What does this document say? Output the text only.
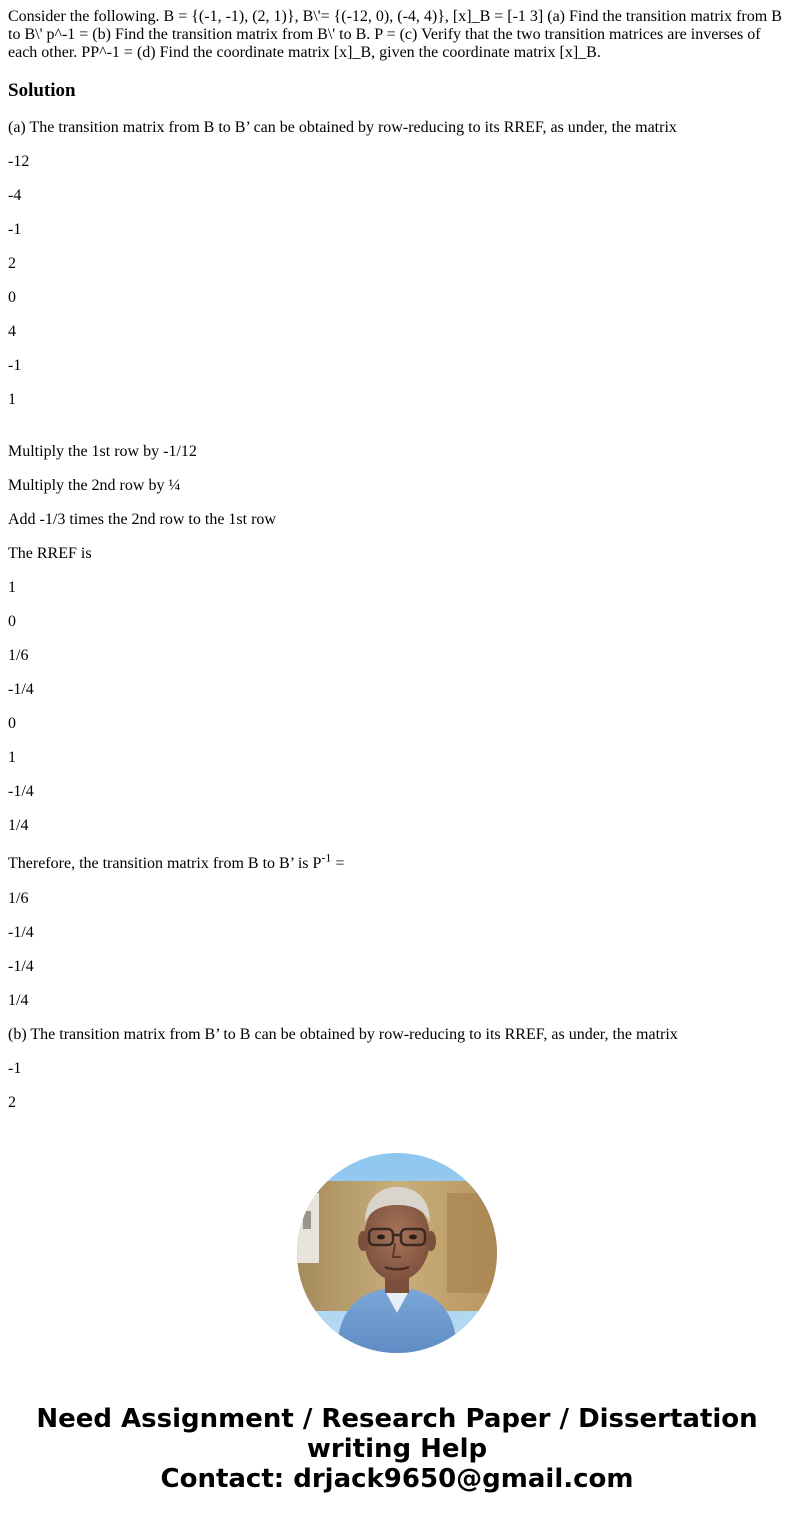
Consider the following. B = {(-1, -1), (2, 1)}, B\'= {(-12, 0), (-4, 4)}, [x]_B = [-1 3] (a) Find the transition matrix from B to B\' p^-1 = (b) Find the transition matrix from B\' to B. P = (c) Verify that the two transition matrices are inverses of each other. PP^-1 = (d) Find the coordinate matrix [x]_B, given the coordinate matrix [x]_B.

Solution

(a) The transition matrix from B to B’ can be obtained by row-reducing to its RREF, as under, the matrix

-12

-4

-1

2

0

4

-1

1

Multiply the 1st row by -1/12

Multiply the 2nd row by ¼

Add -1/3 times the 2nd row to the 1st row

The RREF is

1

0

1/6

-1/4

0

1

-1/4

1/4

Therefore, the transition matrix from B to B’ is $P^{-1}$ =

1/6

-1/4

-1/4

1/4

(b) The transition matrix from B’ to B can be obtained by row-reducing to its RREF, as under, the matrix

-1

2

Need Assignment / Research Paper / Dissertation
writing Help
Contact: drjack9650@gmail.com
